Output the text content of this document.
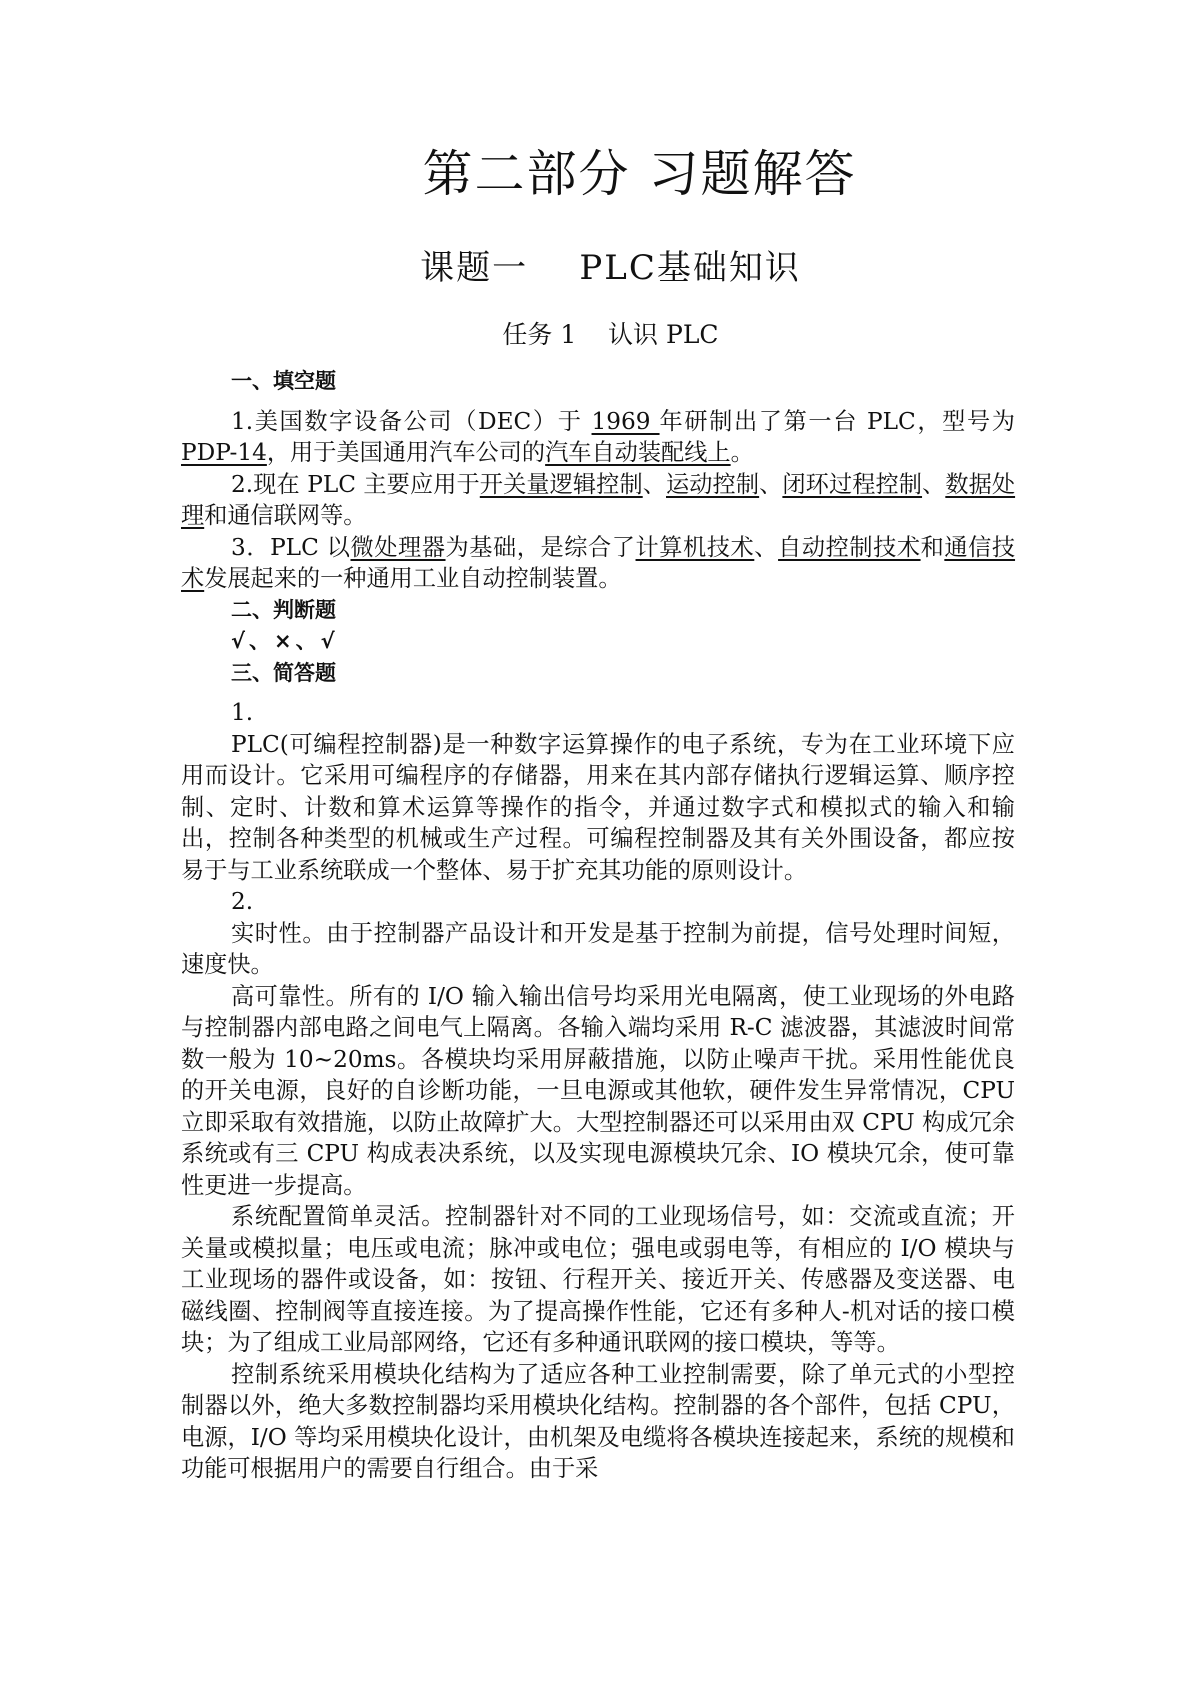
第二部分 习题解答
课题一    PLC基础知识
任务 1    认识 PLC
一、填空题

1.美国数字设备公司（DEC）于 1969 年研制出了第一台 PLC，型号为 PDP-14，用于美国通用汽车公司的汽车自动装配线上。

2.现在 PLC 主要应用于开关量逻辑控制、运动控制、闭环过程控制、数据处理和通信联网等。

3．PLC 以微处理器为基础，是综合了计算机技术、自动控制技术和通信技术发展起来的一种通用工业自动控制装置。

二、判断题
√、×、√
三、简答题
1.

PLC(可编程控制器)是一种数字运算操作的电子系统，专为在工业环境下应用而设计。它采用可编程序的存储器，用来在其内部存储执行逻辑运算、顺序控制、定时、计数和算术运算等操作的指令，并通过数字式和模拟式的输入和输出，控制各种类型的机械或生产过程。可编程控制器及其有关外围设备，都应按易于与工业系统联成一个整体、易于扩充其功能的原则设计。

2.

实时性。由于控制器产品设计和开发是基于控制为前提，信号处理时间短，速度快。

高可靠性。所有的 I/O 输入输出信号均采用光电隔离，使工业现场的外电路与控制器内部电路之间电气上隔离。各输入端均采用 R-C 滤波器，其滤波时间常数一般为 10~20ms。各模块均采用屏蔽措施，以防止噪声干扰。采用性能优良的开关电源，良好的自诊断功能，一旦电源或其他软，硬件发生异常情况，CPU 立即采取有效措施，以防止故障扩大。大型控制器还可以采用由双 CPU 构成冗余系统或有三 CPU 构成表决系统，以及实现电源模块冗余、IO 模块冗余，使可靠性更进一步提高。

系统配置简单灵活。控制器针对不同的工业现场信号，如：交流或直流；开关量或模拟量；电压或电流；脉冲或电位；强电或弱电等，有相应的 I/O 模块与工业现场的器件或设备，如：按钮、行程开关、接近开关、传感器及变送器、电磁线圈、控制阀等直接连接。为了提高操作性能，它还有多种人-机对话的接口模块；为了组成工业局部网络，它还有多种通讯联网的接口模块，等等。

控制系统采用模块化结构为了适应各种工业控制需要，除了单元式的小型控制器以外，绝大多数控制器均采用模块化结构。控制器的各个部件，包括 CPU，电源，I/O 等均采用模块化设计，由机架及电缆将各模块连接起来，系统的规模和功能可根据用户的需要自行组合。由于采
